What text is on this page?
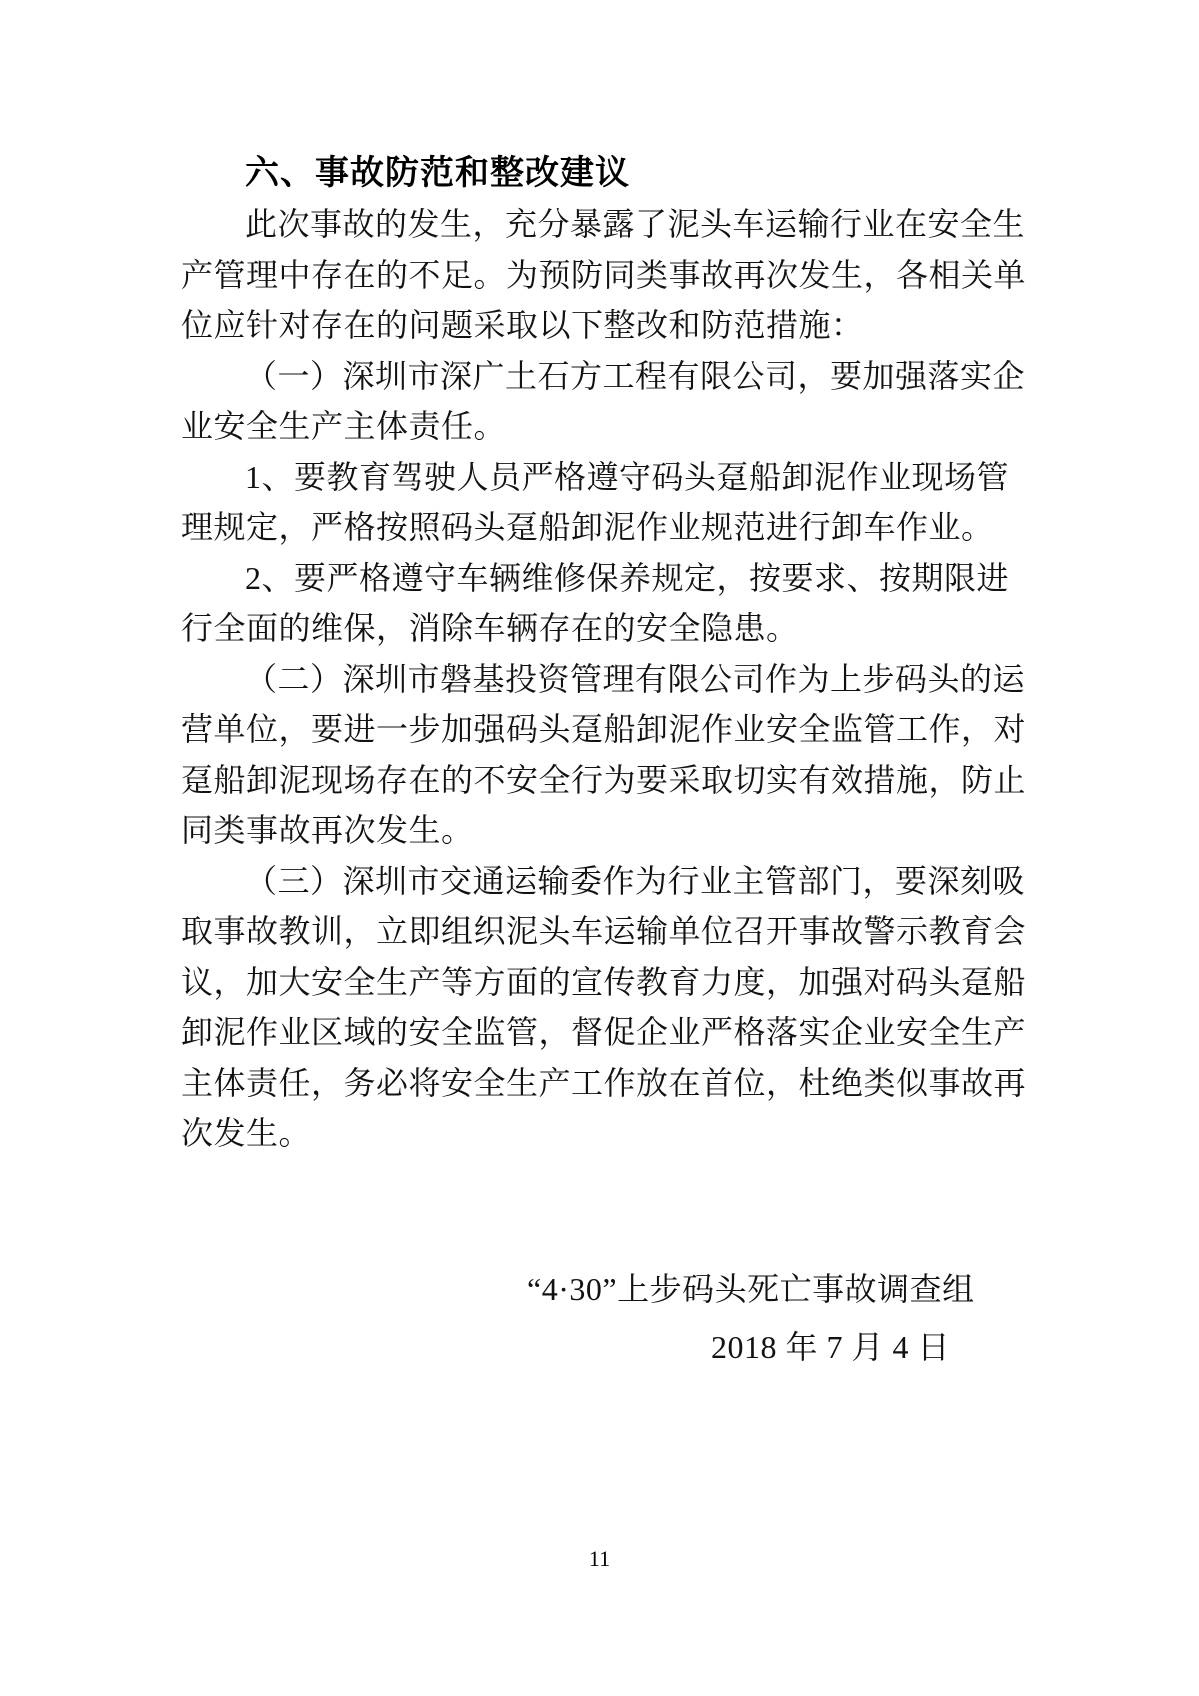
六、事故防范和整改建议
此次事故的发生，充分暴露了泥头车运输行业在安全生
产管理中存在的不足。为预防同类事故再次发生，各相关单
位应针对存在的问题采取以下整改和防范措施：
（一）深圳市深广土石方工程有限公司，要加强落实企
业安全生产主体责任。
1、要教育驾驶人员严格遵守码头趸船卸泥作业现场管
理规定，严格按照码头趸船卸泥作业规范进行卸车作业。
2、要严格遵守车辆维修保养规定，按要求、按期限进
行全面的维保，消除车辆存在的安全隐患。
（二）深圳市磐基投资管理有限公司作为上步码头的运
营单位，要进一步加强码头趸船卸泥作业安全监管工作，对
趸船卸泥现场存在的不安全行为要采取切实有效措施，防止
同类事故再次发生。
（三）深圳市交通运输委作为行业主管部门，要深刻吸
取事故教训，立即组织泥头车运输单位召开事故警示教育会
议，加大安全生产等方面的宣传教育力度，加强对码头趸船
卸泥作业区域的安全监管，督促企业严格落实企业安全生产
主体责任，务必将安全生产工作放在首位，杜绝类似事故再
次发生。
“4·30”上步码头死亡事故调查组
2018 年 7 月 4 日
11
